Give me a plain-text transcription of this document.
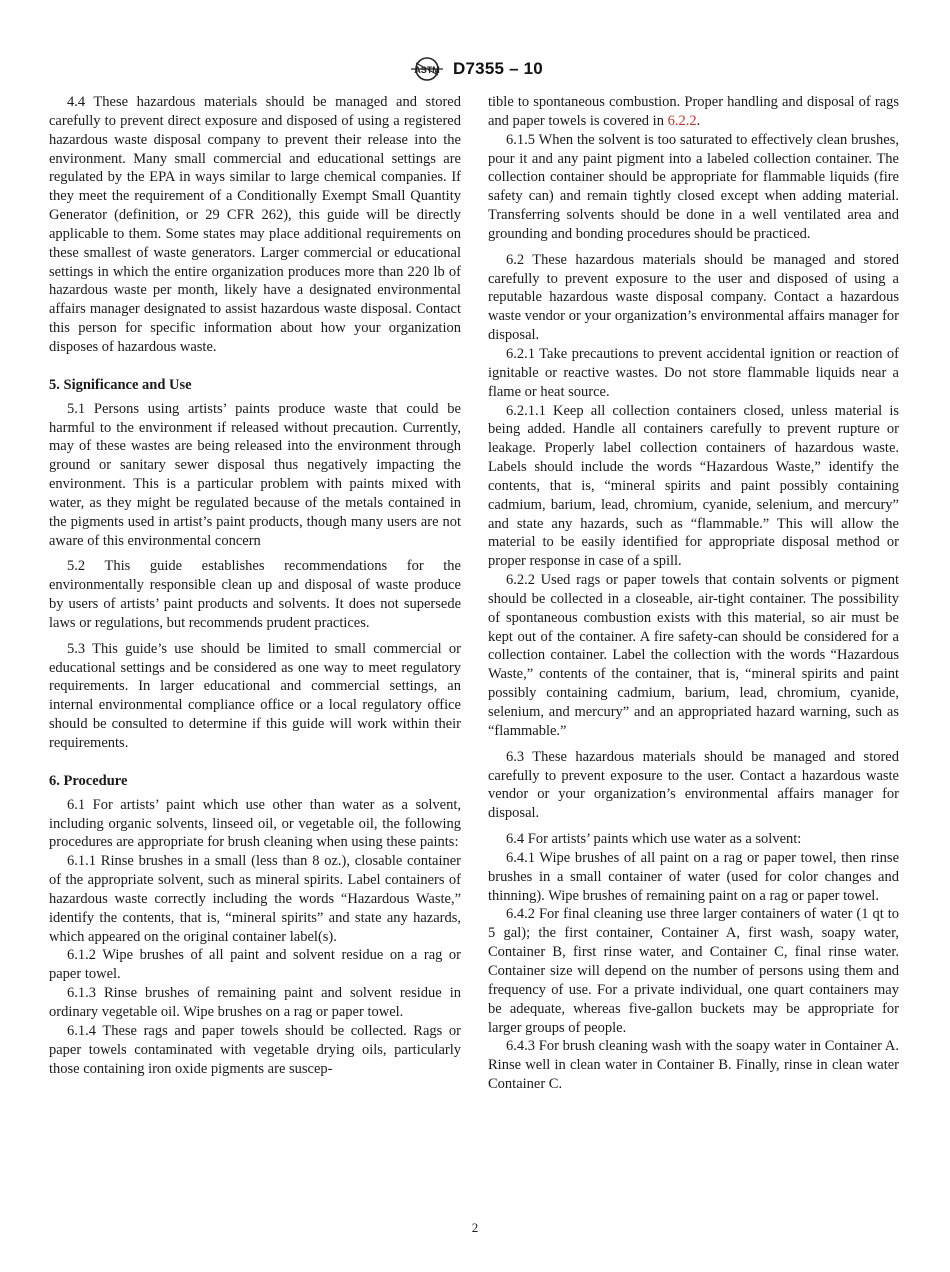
ASTM D7355 – 10

4.4 These hazardous materials should be managed and stored carefully to prevent direct exposure and disposed of using a registered hazardous waste disposal company to prevent their release into the environment. Many small commercial and educational settings are regulated by the EPA in ways similar to large chemical companies. If they meet the requirement of a Conditionally Exempt Small Quantity Generator (definition, or 29 CFR 262), this guide will be directly applicable to them. Some states may place additional requirements on these smallest of waste generators. Larger commercial or educational settings in which the entire organization produces more than 220 lb of hazardous waste per month, likely have a designated environmental affairs manager designated to assist hazardous waste disposal. Contact this person for specific information about how your organization disposes of hazardous waste.

5. Significance and Use

5.1 Persons using artists’ paints produce waste that could be harmful to the environment if released without precaution. Currently, may of these wastes are being released into the environment through ground or sanitary sewer disposal thus negatively impacting the environment. This is a particular problem with paints mixed with water, as they might be regulated because of the metals contained in the pigments used in artist’s paint products, though many users are not aware of this environmental concern

5.2 This guide establishes recommendations for the environmentally responsible clean up and disposal of waste produce by users of artists’ paint products and solvents. It does not supersede laws or regulations, but recommends prudent practices.

5.3 This guide’s use should be limited to small commercial or educational settings and be considered as one way to meet regulatory requirements. In larger educational and commercial settings, an internal environmental compliance office or a local regulatory office should be consulted to determine if this guide will work within their requirements.

6. Procedure

6.1 For artists’ paint which use other than water as a solvent, including organic solvents, linseed oil, or vegetable oil, the following procedures are appropriate for brush cleaning when using these paints:

6.1.1 Rinse brushes in a small (less than 8 oz.), closable container of the appropriate solvent, such as mineral spirits. Label containers of hazardous waste correctly including the words “Hazardous Waste,” identify the contents, that is, “mineral spirits” and state any hazards, which appeared on the original container label(s).

6.1.2 Wipe brushes of all paint and solvent residue on a rag or paper towel.

6.1.3 Rinse brushes of remaining paint and solvent residue in ordinary vegetable oil. Wipe brushes on a rag or paper towel.

6.1.4 These rags and paper towels should be collected. Rags or paper towels contaminated with vegetable drying oils, particularly those containing iron oxide pigments are suscep-

tible to spontaneous combustion. Proper handling and disposal of rags and paper towels is covered in 6.2.2.

6.1.5 When the solvent is too saturated to effectively clean brushes, pour it and any paint pigment into a labeled collection container. The collection container should be appropriate for flammable liquids (fire safety can) and remain tightly closed except when adding material. Transferring solvents should be done in a well ventilated area and grounding and bonding procedures should be practiced.

6.2 These hazardous materials should be managed and stored carefully to prevent exposure to the user and disposed of using a reputable hazardous waste disposal company. Contact a hazardous waste vendor or your organization’s environmental affairs manager for disposal.

6.2.1 Take precautions to prevent accidental ignition or reaction of ignitable or reactive wastes. Do not store flammable liquids near a flame or heat source.

6.2.1.1 Keep all collection containers closed, unless material is being added. Handle all containers carefully to prevent rupture or leakage. Properly label collection containers of hazardous waste. Labels should include the words “Hazardous Waste,” identify the contents, that is, “mineral spirits and paint possibly containing cadmium, barium, lead, chromium, cyanide, selenium, and mercury” and state any hazards, such as “flammable.” This will allow the material to be easily identified for appropriate disposal method or proper response in case of a spill.

6.2.2 Used rags or paper towels that contain solvents or pigment should be collected in a closeable, air-tight container. The possibility of spontaneous combustion exists with this material, so air must be kept out of the container. A fire safety-can should be considered for a collection container. Label the collection with the words “Hazardous Waste,” contents of the container, that is, “mineral spirits and paint possibly containing cadmium, barium, lead, chromium, cyanide, selenium, and mercury” and an appropriated hazard warning, such as “flammable.”

6.3 These hazardous materials should be managed and stored carefully to prevent exposure to the user. Contact a hazardous waste vendor or your organization’s environmental affairs manager for disposal.

6.4 For artists’ paints which use water as a solvent:

6.4.1 Wipe brushes of all paint on a rag or paper towel, then rinse brushes in a small container of water (used for color changes and thinning). Wipe brushes of remaining paint on a rag or paper towel.

6.4.2 For final cleaning use three larger containers of water (1 qt to 5 gal); the first container, Container A, first wash, soapy water, Container B, first rinse water, and Container C, final rinse water. Container size will depend on the number of persons using them and frequency of use. For a private individual, one quart containers may be adequate, whereas five-gallon buckets may be appropriate for larger groups of people.

6.4.3 For brush cleaning wash with the soapy water in Container A. Rinse well in clean water in Container B. Finally, rinse in clean water Container C.

2
